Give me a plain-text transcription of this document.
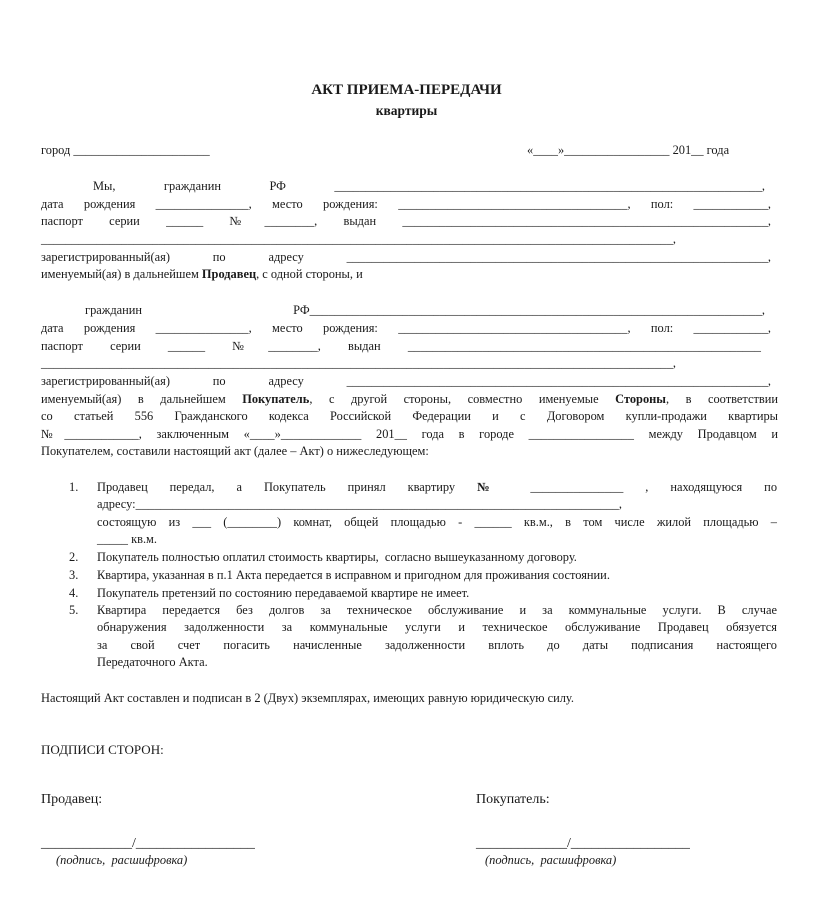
АКТ ПРИЕМА-ПЕРЕДАЧИ
квартиры
город ______________________	«____»_________________ 201__ года
Мы, гражданин РФ _____________________________________________________________________,
дата рождения _______________, место рождения: _____________________________________, пол: ____________,
паспорт серии ______ №________, выдан ___________________________________________________________,
______________________________________________________________________________________________________,
зарегистрированный(ая) по адресу ____________________________________________________________________,
именуемый(ая) в дальнейшем Продавец, с одной стороны, и
гражданин РФ_________________________________________________________________________,
дата рождения _______________, место рождения: _____________________________________, пол: ____________,
паспорт серии ______ №________, выдан _________________________________________________________
______________________________________________________________________________________________________,
зарегистрированный(ая) по адресу ____________________________________________________________________,
именуемый(ая) в дальнейшем Покупатель, с другой стороны, совместно именуемые Стороны, в соответствии
со статьей 556 Гражданского кодекса Российской Федерации и с Договором купли-продажи квартиры
№____________, заключенным «____»_____________ 201__ года в городе _________________ между Продавцом и
Покупателем, составили настоящий акт (далее – Акт) о нижеследующем:
1. Продавец передал, а Покупатель принял квартиру № _______________ , находящуюся по
адресу:______________________________________________________________________________,
состоящую из ___ (________) комнат, общей площадью - ______ кв.м., в том числе жилой площадью –
_____ кв.м.
2. Покупатель полностью оплатил стоимость квартиры,  согласно вышеуказанному договору.
3. Квартира, указанная в п.1 Акта передается в исправном и пригодном для проживания состоянии.
4. Покупатель претензий по состоянию передаваемой квартире не имеет.
5. Квартира передается без долгов за техническое обслуживание и за коммунальные услуги. В случае
обнаружения задолженности за коммунальные услуги и техническое обслуживание Продавец обязуется
за свой счет погасить начисленные задолженности вплоть до даты подписания настоящего
Передаточного Акта.
Настоящий Акт составлен и подписан в 2 (Двух) экземплярах, имеющих равную юридическую силу.
ПОДПИСИ СТОРОН:
Продавец:	Покупатель:
_____________/_________________	_____________/_________________
(подпись,  расшифровка)	(подпись,  расшифровка)
